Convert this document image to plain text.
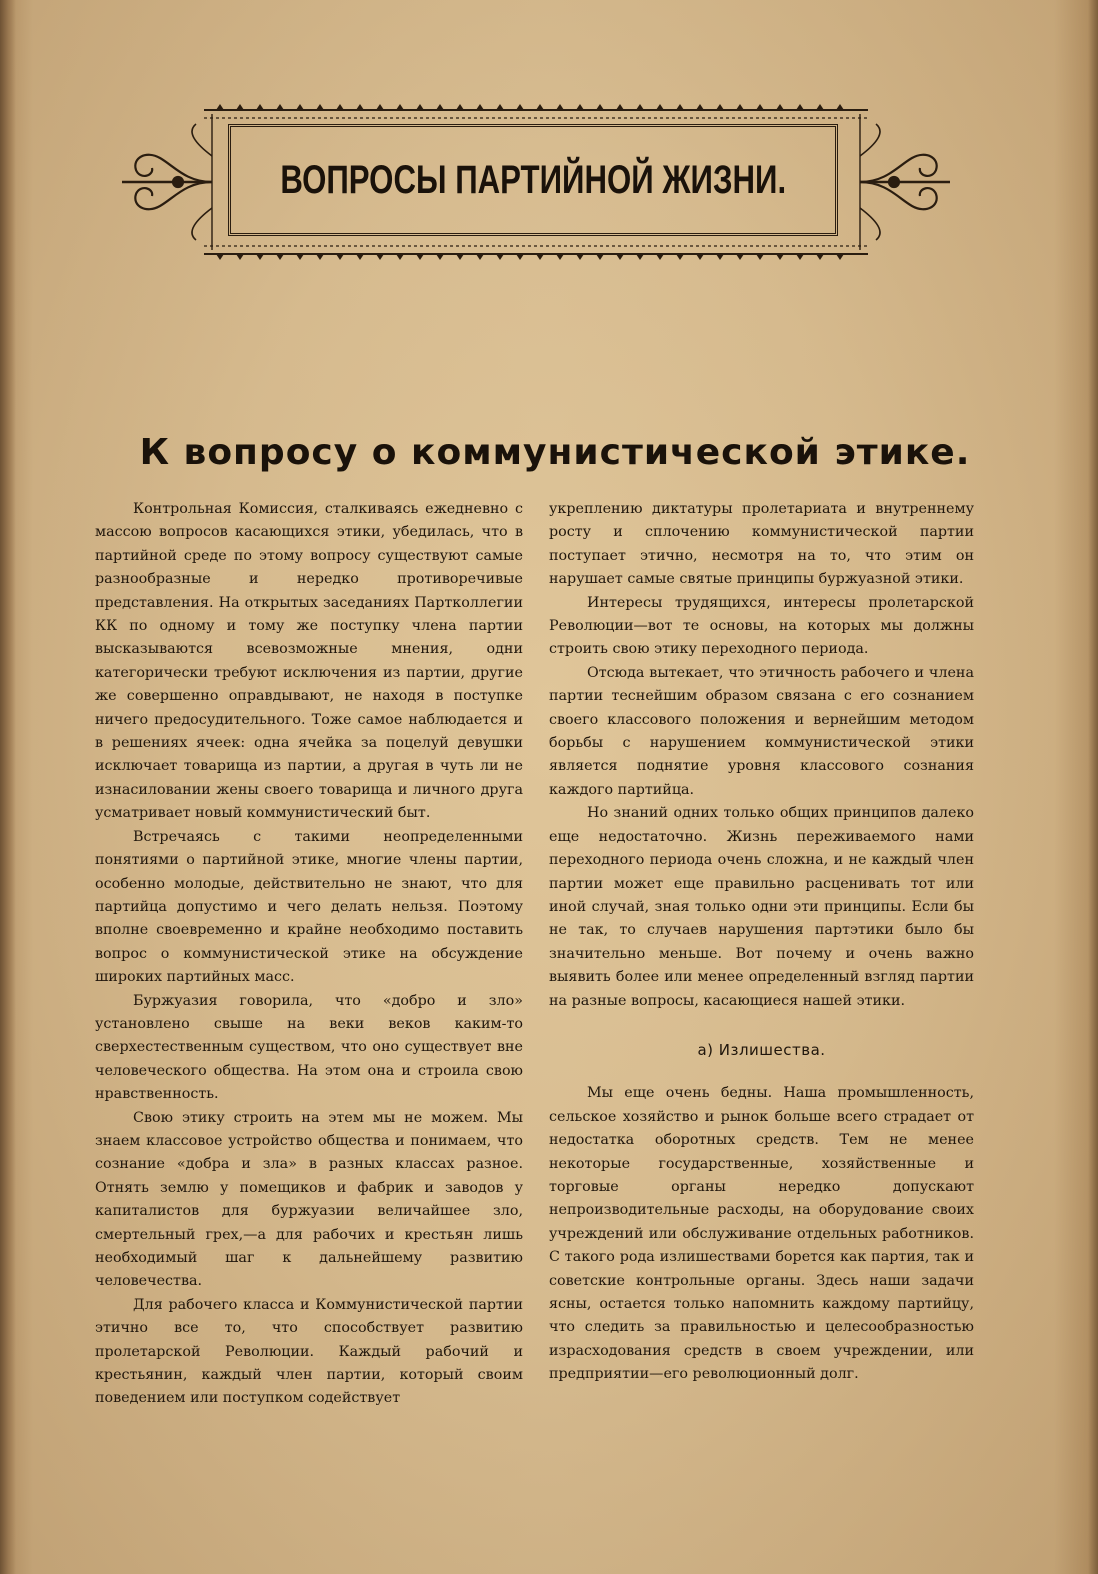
ВОПРОСЫ ПАРТИЙНОЙ ЖИЗНИ.
К вопросу о коммунистической этике.

Контрольная Комиссия, сталкиваясь ежедневно с массою вопросов касающихся этики, убедилась, что в партийной среде по этому вопросу существуют самые разнообразные и нередко противоречивые представления. На открытых заседаниях Партколлегии КК по одному и тому же поступку члена партии высказываются всевозможные мнения, одни категорически требуют исключения из партии, другие же совершенно оправдывают, не находя в поступке ничего предосудительного. Тоже самое наблюдается и в решениях ячеек: одна ячейка за поцелуй девушки исключает товарища из партии, а другая в чуть ли не изнасиловании жены своего товарища и личного друга усматривает новый коммунистический быт.

Встречаясь с такими неопределенными понятиями о партийной этике, многие члены партии, особенно молодые, действительно не знают, что для партийца допустимо и чего делать нельзя. Поэтому вполне своевременно и крайне необходимо поставить вопрос о коммунистической этике на обсуждение широких партийных масс.

Буржуазия говорила, что «добро и зло» установлено свыше на веки веков каким-то сверхестественным существом, что оно существует вне человеческого общества. На этом она и строила свою нравственность.

Свою этику строить на этем мы не можем. Мы знаем классовое устройство общества и понимаем, что сознание «добра и зла» в разных классах разное. Отнять землю у помещиков и фабрик и заводов у капиталистов для буржуазии величайшее зло, смертельный грех,—а для рабочих и крестьян лишь необходимый шаг к дальнейшему развитию человечества.

Для рабочего класса и Коммунистической партии этично все то, что способствует развитию пролетарской Революции. Каждый рабочий и крестьянин, каждый член партии, который своим поведением или поступком содействует

укреплению диктатуры пролетариата и внутреннему росту и сплочению коммунистической партии поступает этично, несмотря на то, что этим он нарушает самые святые принципы буржуазной этики.

Интересы трудящихся, интересы пролетарской Революции—вот те основы, на которых мы должны строить свою этику переходного периода.

Отсюда вытекает, что этичность рабочего и члена партии теснейшим образом связана с его сознанием своего классового положения и вернейшим методом борьбы с нарушением коммунистической этики является поднятие уровня классового сознания каждого партийца.

Но знаний одних только общих принципов далеко еще недостаточно. Жизнь переживаемого нами переходного периода очень сложна, и не каждый член партии может еще правильно расценивать тот или иной случай, зная только одни эти принципы. Если бы не так, то случаев нарушения партэтики было бы значительно меньше. Вот почему и очень важно выявить более или менее определенный взгляд партии на разные вопросы, касающиеся нашей этики.

а) Излишества.

Мы еще очень бедны. Наша промышленность, сельское хозяйство и рынок больше всего страдает от недостатка оборотных средств. Тем не менее некоторые государственные, хозяйственные и торговые органы нередко допускают непроизводительные расходы, на оборудование своих учреждений или обслуживание отдельных работников. С такого рода излишествами борется как партия, так и советские контрольные органы. Здесь наши задачи ясны, остается только напомнить каждому партийцу, что следить за правильностью и целесообразностью израсходования средств в своем учреждении, или предприятии—его революционный долг.
